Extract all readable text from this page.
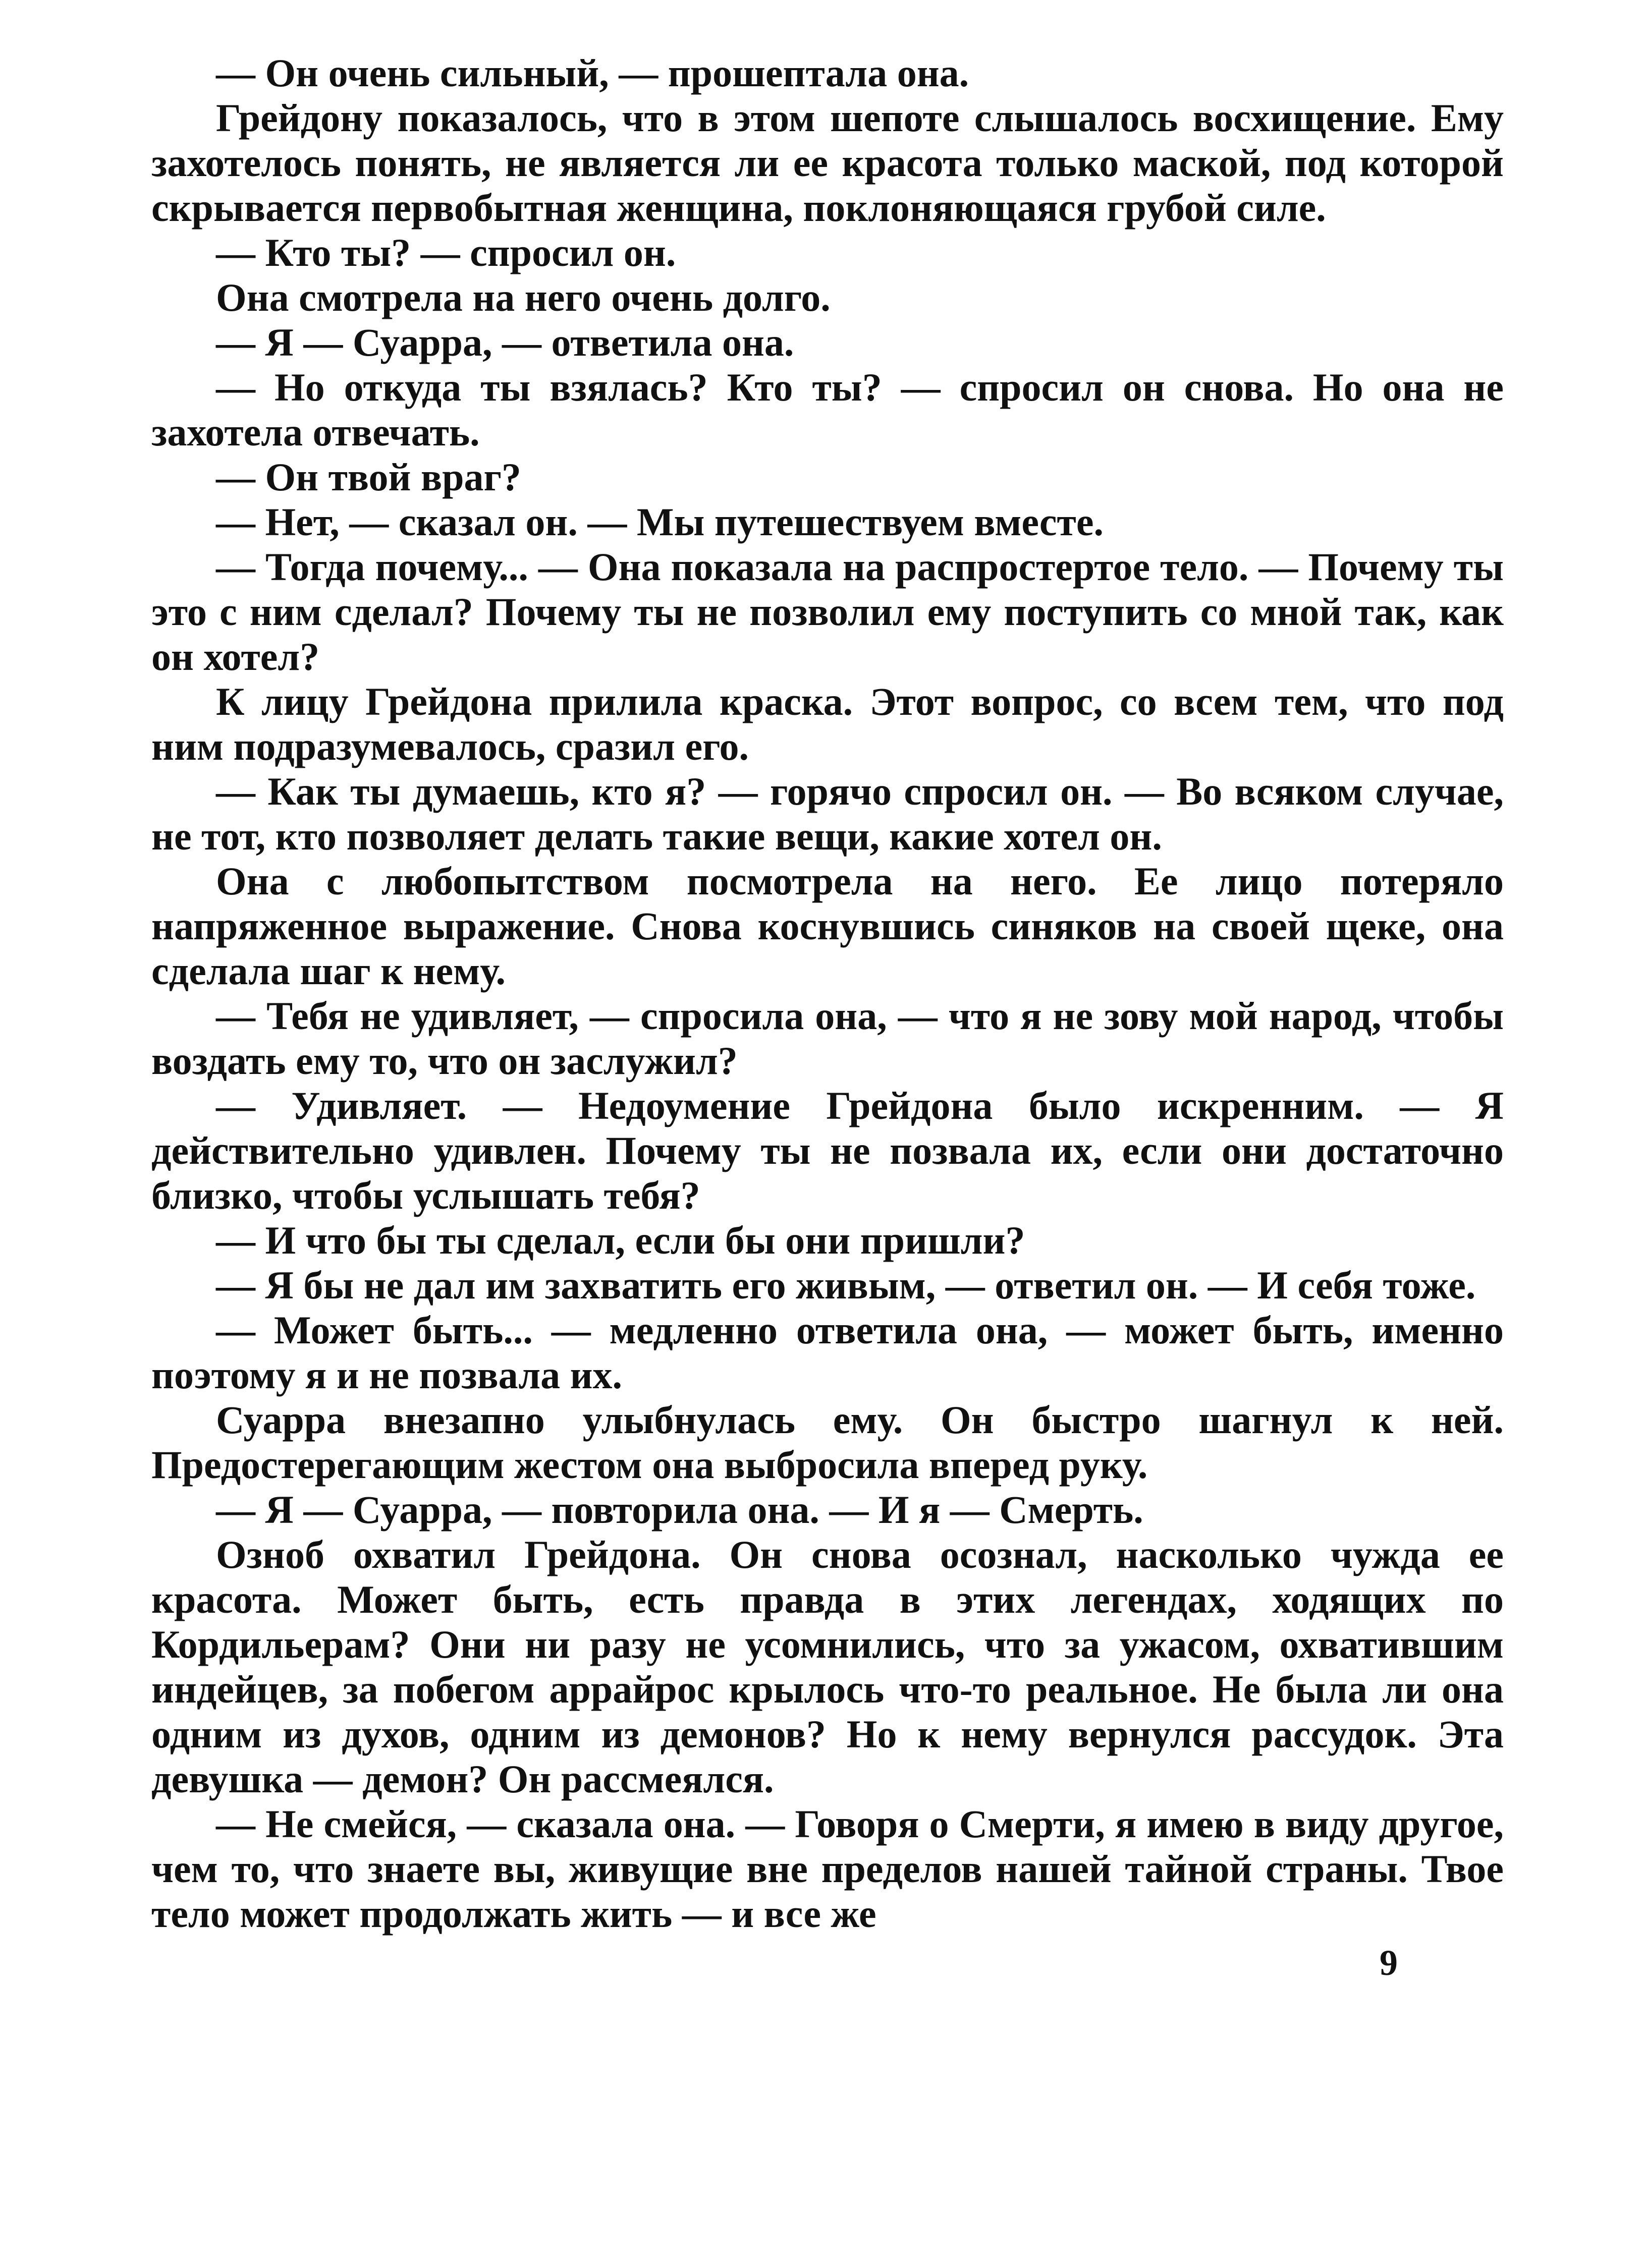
— Он очень сильный, — прошептала она.

Грейдону показалось, что в этом шепоте слышалось восхищение. Ему захотелось понять, не является ли ее красота только маской, под которой скрывается первобытная женщина, поклоняющаяся грубой силе.

— Кто ты? — спросил он.

Она смотрела на него очень долго.

— Я — Суарра, — ответила она.

— Но откуда ты взялась? Кто ты? — спросил он снова. Но она не захотела отвечать.

— Он твой враг?

— Нет, — сказал он. — Мы путешествуем вместе.

— Тогда почему... — Она показала на распростертое тело. — Почему ты это с ним сделал? Почему ты не позволил ему поступить со мной так, как он хотел?

К лицу Грейдона прилила краска. Этот вопрос, со всем тем, что под ним подразумевалось, сразил его.

— Как ты думаешь, кто я? — горячо спросил он. — Во всяком случае, не тот, кто позволяет делать такие вещи, какие хотел он.

Она с любопытством посмотрела на него. Ее лицо потеряло напряженное выражение. Снова коснувшись синяков на своей щеке, она сделала шаг к нему.

— Тебя не удивляет, — спросила она, — что я не зову мой народ, чтобы воздать ему то, что он заслужил?

— Удивляет. — Недоумение Грейдона было искренним. — Я действительно удивлен. Почему ты не позвала их, если они достаточно близко, чтобы услышать тебя?

— И что бы ты сделал, если бы они пришли?

— Я бы не дал им захватить его живым, — ответил он. — И себя тоже.

— Может быть... — медленно ответила она, — может быть, именно поэтому я и не позвала их.

Суарра внезапно улыбнулась ему. Он быстро шагнул к ней. Предостерегающим жестом она выбросила вперед руку.

— Я — Суарра, — повторила она. — И я — Смерть.

Озноб охватил Грейдона. Он снова осознал, насколько чужда ее красота. Может быть, есть правда в этих легендах, ходящих по Кордильерам? Они ни разу не усомнились, что за ужасом, охватившим индейцев, за побегом аррайрос крылось что-то реальное. Не была ли она одним из духов, одним из демонов? Но к нему вернулся рассудок. Эта девушка — демон? Он рассмеялся.

— Не смейся, — сказала она. — Говоря о Смерти, я имею в виду другое, чем то, что знаете вы, живущие вне пределов нашей тайной страны. Твое тело может продолжать жить — и все же

9
